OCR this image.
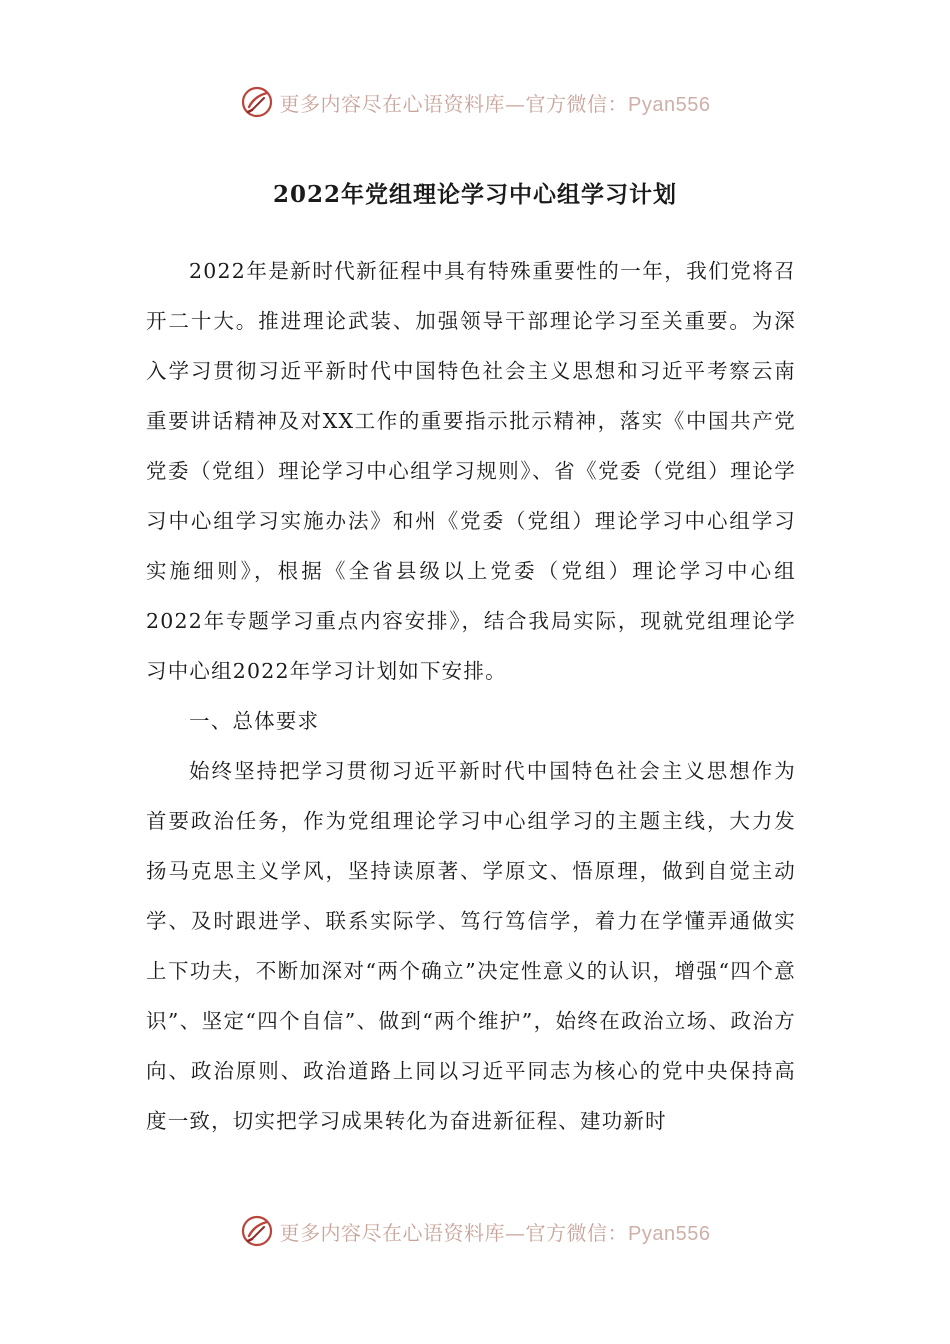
更多内容尽在心语资料库—官方微信：Pyan556
2022年党组理论学习中心组学习计划

2022年是新时代新征程中具有特殊重要性的一年，我们党将召开二十大。推进理论武装、加强领导干部理论学习至关重要。为深入学习贯彻习近平新时代中国特色社会主义思想和习近平考察云南重要讲话精神及对XX工作的重要指示批示精神，落实《中国共产党党委（党组）理论学习中心组学习规则》、省《党委（党组）理论学习中心组学习实施办法》和州《党委（党组）理论学习中心组学习实施细则》，根据《全省县级以上党委（党组）理论学习中心组2022年专题学习重点内容安排》，结合我局实际，现就党组理论学习中心组2022年学习计划如下安排。

一、总体要求

始终坚持把学习贯彻习近平新时代中国特色社会主义思想作为首要政治任务，作为党组理论学习中心组学习的主题主线，大力发扬马克思主义学风，坚持读原著、学原文、悟原理，做到自觉主动学、及时跟进学、联系实际学、笃行笃信学，着力在学懂弄通做实上下功夫，不断加深对“两个确立”决定性意义的认识，增强“四个意识”、坚定“四个自信”、做到“两个维护”，始终在政治立场、政治方向、政治原则、政治道路上同以习近平同志为核心的党中央保持高度一致，切实把学习成果转化为奋进新征程、建功新时

更多内容尽在心语资料库—官方微信：Pyan556
